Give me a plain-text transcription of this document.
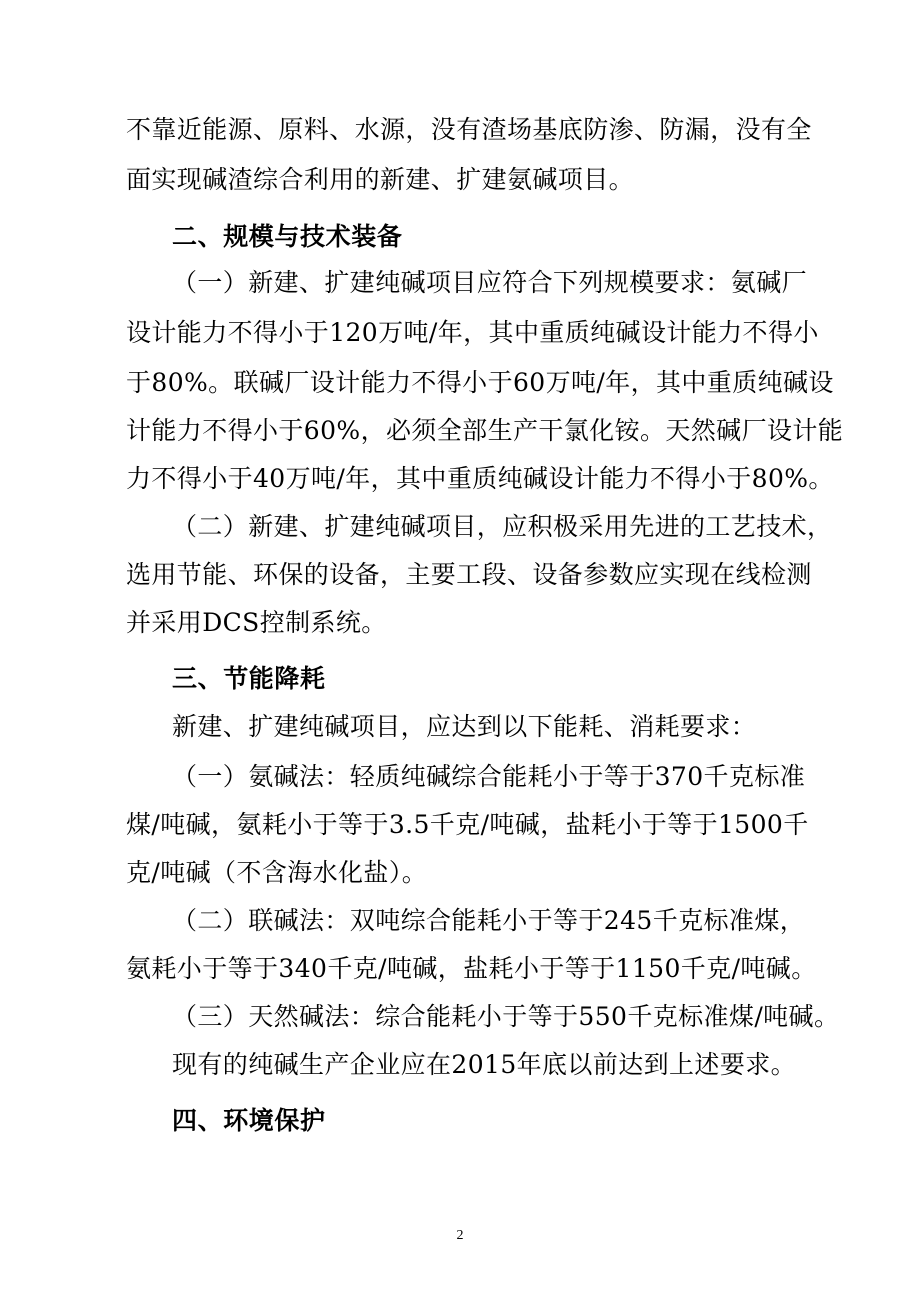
不靠近能源、原料、水源，没有渣场基底防渗、防漏，没有全
面实现碱渣综合利用的新建、扩建氨碱项目。
二、规模与技术装备
（一）新建、扩建纯碱项目应符合下列规模要求：氨碱厂
设计能力不得小于120万吨/年，其中重质纯碱设计能力不得小
于80%。联碱厂设计能力不得小于60万吨/年，其中重质纯碱设
计能力不得小于60%，必须全部生产干氯化铵。天然碱厂设计能
力不得小于40万吨/年，其中重质纯碱设计能力不得小于80%。
（二）新建、扩建纯碱项目，应积极采用先进的工艺技术，
选用节能、环保的设备，主要工段、设备参数应实现在线检测
并采用DCS控制系统。
三、节能降耗
新建、扩建纯碱项目，应达到以下能耗、消耗要求：
（一）氨碱法：轻质纯碱综合能耗小于等于370千克标准
煤/吨碱，氨耗小于等于3.5千克/吨碱，盐耗小于等于1500千
克/吨碱（不含海水化盐）。
（二）联碱法：双吨综合能耗小于等于245千克标准煤，
氨耗小于等于340千克/吨碱，盐耗小于等于1150千克/吨碱。
（三）天然碱法：综合能耗小于等于550千克标准煤/吨碱。
现有的纯碱生产企业应在2015年底以前达到上述要求。
四、环境保护
2
